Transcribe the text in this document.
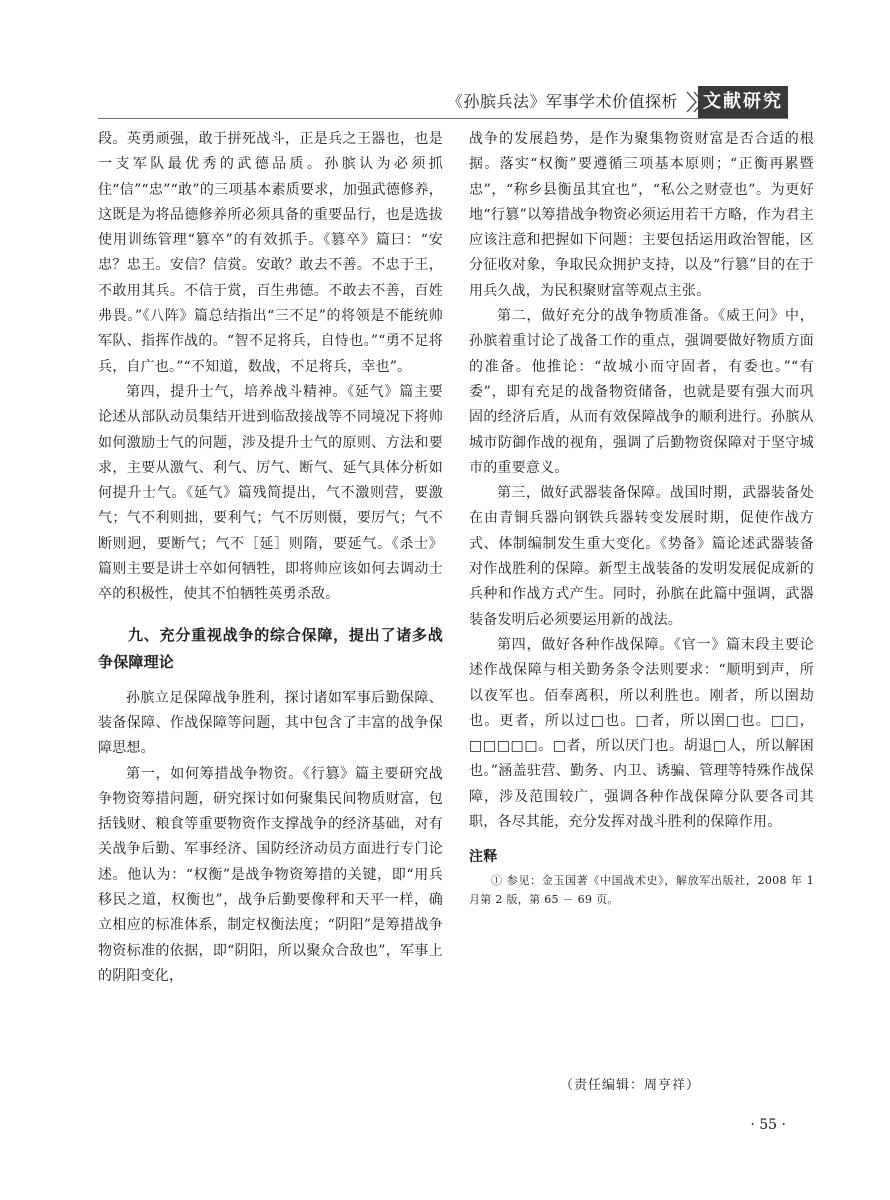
《孙膑兵法》军事学术价值探析 文献研究

段。英勇顽强，敢于拼死战斗，正是兵之王器也，也是一支军队最优秀的武德品质。孙膑认为必须抓住“信”“忠”“敢”的三项基本素质要求，加强武德修养，这既是为将品德修养所必须具备的重要品行，也是选拔使用训练管理“篡卒”的有效抓手。《篡卒》篇曰：“安忠？忠王。安信？信赏。安敢？敢去不善。不忠于王，不敢用其兵。不信于赏，百生弗德。不敢去不善，百姓弗畏。”《八阵》篇总结指出“三不足”的将领是不能统帅军队、指挥作战的。“智不足将兵，自恃也。”“勇不足将兵，自广也。”“不知道，数战，不足将兵，幸也”。

第四，提升士气，培养战斗精神。《延气》篇主要论述从部队动员集结开进到临敌接战等不同境况下将帅如何激励士气的问题，涉及提升士气的原则、方法和要求，主要从激气、利气、厉气、断气、延气具体分析如何提升士气。《延气》篇残简提出，气不激则营，要激气；气不利则拙，要利气；气不厉则慑，要厉气；气不断则迥，要断气；气不［延］则隋，要延气。《杀士》篇则主要是讲士卒如何牺牲，即将帅应该如何去调动士卒的积极性，使其不怕牺牲英勇杀敌。

九、充分重视战争的综合保障，提出了诸多战争保障理论

孙膑立足保障战争胜利，探讨诸如军事后勤保障、装备保障、作战保障等问题，其中包含了丰富的战争保障思想。

第一，如何筹措战争物资。《行篡》篇主要研究战争物资筹措问题，研究探讨如何聚集民间物质财富，包括钱财、粮食等重要物资作支撑战争的经济基础，对有关战争后勤、军事经济、国防经济动员方面进行专门论述。他认为：“权衡”是战争物资筹措的关键，即“用兵移民之道，权衡也”，战争后勤要像秤和天平一样，确立相应的标准体系，制定权衡法度；“阴阳”是筹措战争物资标准的依据，即“阴阳，所以聚众合敌也”，军事上的阴阳变化，

战争的发展趋势，是作为聚集物资财富是否合适的根据。落实“权衡”要遵循三项基本原则；“正衡再累暨忠”，“称乡县衡虽其宜也”，“私公之财壹也”。为更好地“行篡”以筹措战争物资必须运用若干方略，作为君主应该注意和把握如下问题：主要包括运用政治智能，区分征收对象，争取民众拥护支持，以及“行篡”目的在于用兵久战，为民积聚财富等观点主张。

第二，做好充分的战争物质准备。《威王问》中，孙膑着重讨论了战备工作的重点，强调要做好物质方面的准备。他推论：“故城小而守固者，有委也。”“有委”，即有充足的战备物资储备，也就是要有强大而巩固的经济后盾，从而有效保障战争的顺利进行。孙膑从城市防御作战的视角，强调了后勤物资保障对于坚守城市的重要意义。

第三，做好武器装备保障。战国时期，武器装备处在由青铜兵器向钢铁兵器转变发展时期，促使作战方式、体制编制发生重大变化。《势备》篇论述武器装备对作战胜利的保障。新型主战装备的发明发展促成新的兵种和作战方式产生。同时，孙膑在此篇中强调，武器装备发明后必须要运用新的战法。

第四，做好各种作战保障。《官一》篇末段主要论述作战保障与相关勤务条令法则要求：“顺明到声，所以夜军也。佰奉离积，所以利胜也。刚者，所以圉劫也。更者，所以过□也。□者，所以圉□也。□□，□□□□□。□者，所以厌门也。胡退□人，所以解困也。”涵盖驻营、勤务、内卫、诱骗、管理等特殊作战保障，涉及范围较广，强调各种作战保障分队要各司其职，各尽其能，充分发挥对战斗胜利的保障作用。

注释

① 参见：金玉国著《中国战术史》，解放军出版社，2008 年 1 月第 2 版，第 65 － 69 页。

（责任编辑：周亨祥）
· 55 ·
